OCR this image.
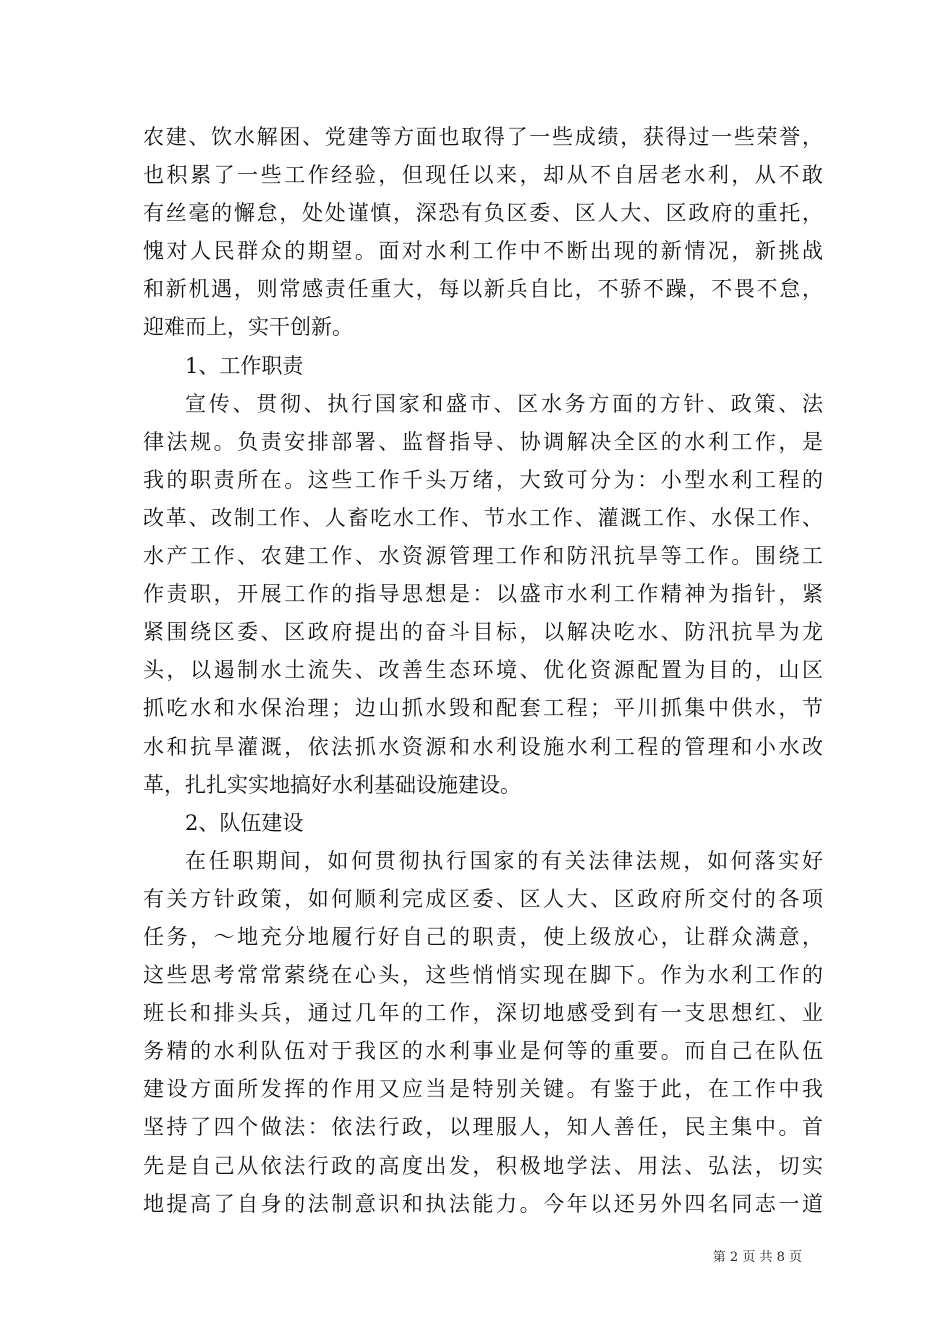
农建、饮水解困、党建等方面也取得了一些成绩，获得过一些荣誉，
也积累了一些工作经验，但现任以来，却从不自居老水利，从不敢
有丝毫的懈怠，处处谨慎，深恐有负区委、区人大、区政府的重托，
愧对人民群众的期望。面对水利工作中不断出现的新情况，新挑战
和新机遇，则常感责任重大，每以新兵自比，不骄不躁，不畏不怠，
迎难而上，实干创新。
1、工作职责
宣传、贯彻、执行国家和盛市、区水务方面的方针、政策、法
律法规。负责安排部署、监督指导、协调解决全区的水利工作，是
我的职责所在。这些工作千头万绪，大致可分为：小型水利工程的
改革、改制工作、人畜吃水工作、节水工作、灌溉工作、水保工作、
水产工作、农建工作、水资源管理工作和防汛抗旱等工作。围绕工
作责职，开展工作的指导思想是：以盛市水利工作精神为指针，紧
紧围绕区委、区政府提出的奋斗目标，以解决吃水、防汛抗旱为龙
头，以遏制水土流失、改善生态环境、优化资源配置为目的，山区
抓吃水和水保治理；边山抓水毁和配套工程；平川抓集中供水，节
水和抗旱灌溉，依法抓水资源和水利设施水利工程的管理和小水改
革，扎扎实实地搞好水利基础设施建设。
2、队伍建设
在任职期间，如何贯彻执行国家的有关法律法规，如何落实好
有关方针政策，如何顺利完成区委、区人大、区政府所交付的各项
任务，～地充分地履行好自己的职责，使上级放心，让群众满意，
这些思考常常萦绕在心头，这些悄悄实现在脚下。作为水利工作的
班长和排头兵，通过几年的工作，深切地感受到有一支思想红、业
务精的水利队伍对于我区的水利事业是何等的重要。而自己在队伍
建设方面所发挥的作用又应当是特别关键。有鉴于此，在工作中我
坚持了四个做法：依法行政，以理服人，知人善任，民主集中。首
先是自己从依法行政的高度出发，积极地学法、用法、弘法，切实
地提高了自身的法制意识和执法能力。今年以还另外四名同志一道
第 2 页 共 8 页
